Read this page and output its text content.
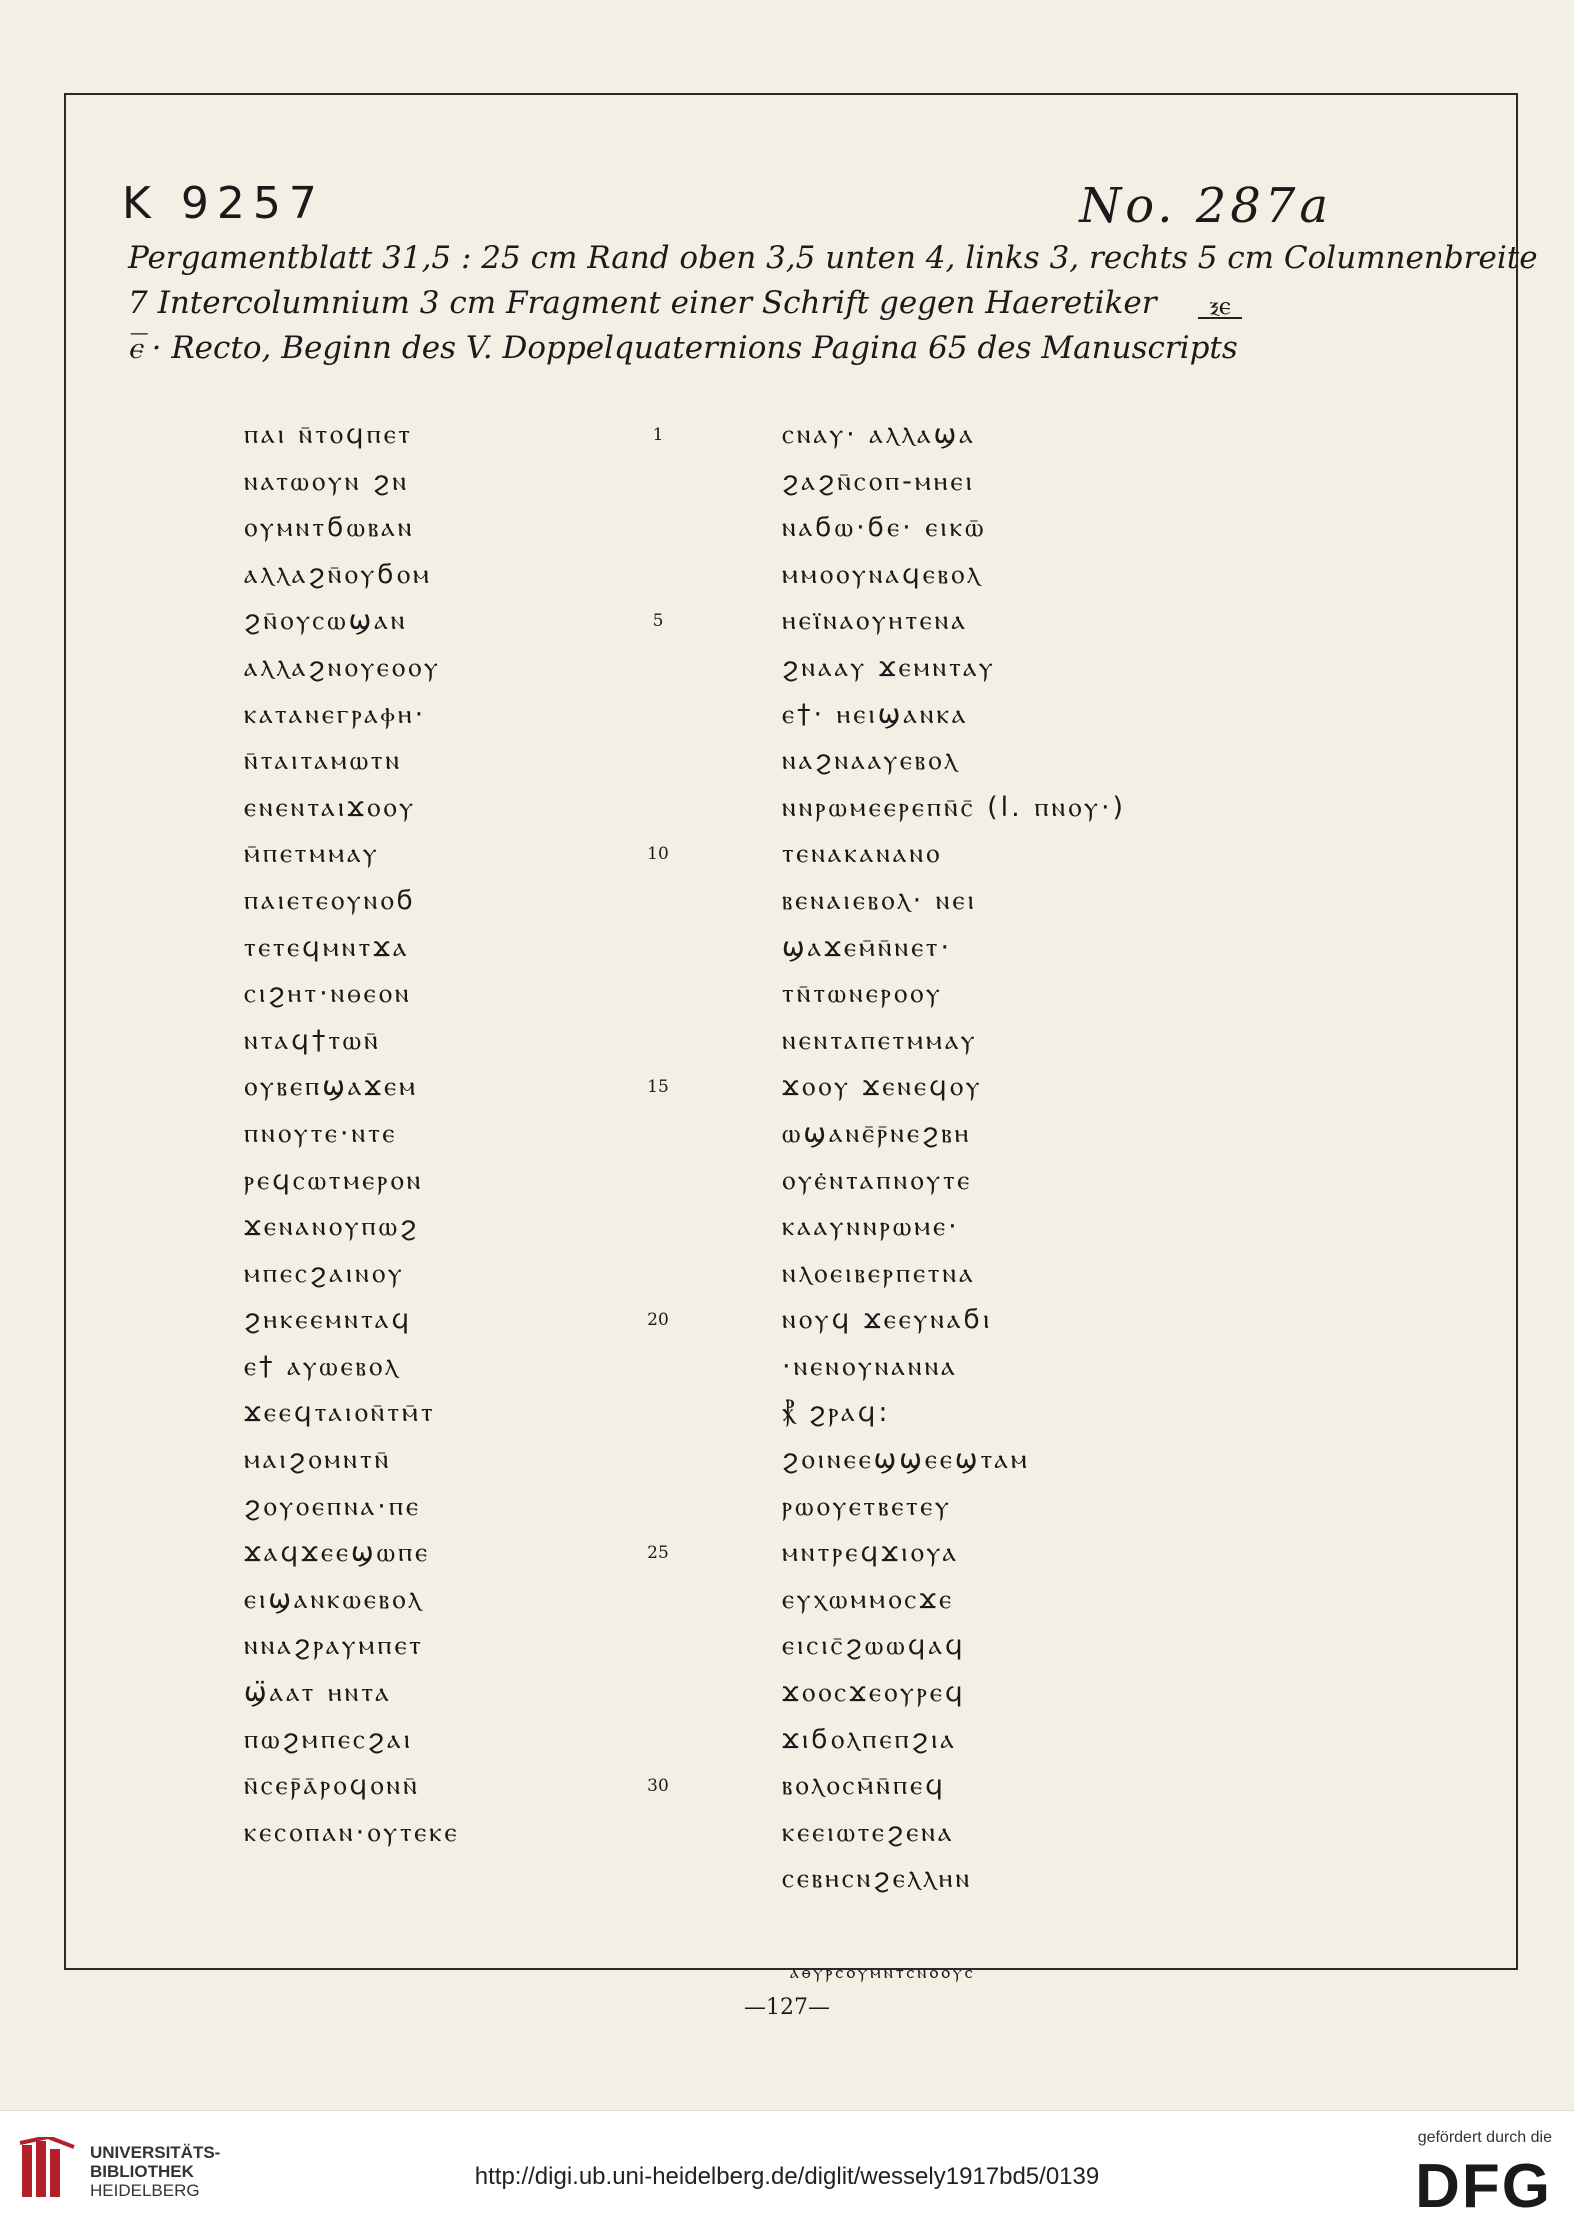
K 9257	No. 287a
Pergamentblatt 31,5 : 25 cm Rand oben 3,5 unten 4, links 3, rechts 5 cm Columnenbreite
7 Intercolumnium 3 cm Fragment einer Schrift gegen Haeretiker
ⲉ̅ · Recto, Beginn des V. Doppelquaternions Pagina 65 des Manuscripts
ⲝⲉ
ⲡⲁⲓ ⲛ̄ⲧⲟϥⲡⲉⲧ
ⲛⲁⲧⲱⲟⲩⲛ ϩⲛ
ⲟⲩⲙⲛⲧϭⲱⲃⲁⲛ
ⲁⲗⲗⲁϩⲛ̄ⲟⲩϭⲟⲙ
ϩⲛ̄ⲟⲩⲥⲱϣⲁⲛ
ⲁⲗⲗⲁϩⲛⲟⲩⲉⲟⲟⲩ
ⲕⲁⲧⲁⲛⲉⲅⲣⲁⲫⲏ·
ⲛ̄ⲧⲁⲓⲧⲁⲙⲱⲧⲛ
ⲉⲛⲉⲛⲧⲁⲓϫⲟⲟⲩ
ⲙ̄ⲡⲉⲧⲙⲙⲁⲩ
ⲡⲁⲓⲉⲧⲉⲟⲩⲛⲟϭ
ⲧⲉⲧⲉϥⲙⲛⲧϫⲁ
ⲥⲓϩⲏⲧ·ⲛⲑⲉⲟⲛ
ⲛⲧⲁϥ†ⲧⲱⲛ̄
ⲟⲩⲃⲉⲡϣⲁϫⲉⲙ
ⲡⲛⲟⲩⲧⲉ·ⲛⲧⲉ
ⲣⲉϥⲥⲱⲧⲙⲉⲣⲟⲛ
ϫⲉⲛⲁⲛⲟⲩⲡⲱϩ
ⲙⲡⲉⲥϩⲁⲓⲛⲟⲩ
ϩⲏⲕⲉⲉⲙⲛⲧⲁϥ
ⲉ† ⲁⲩⲱⲉⲃⲟⲗ
ϫⲉⲉϥⲧⲁⲓⲟⲛ̄ⲧⲙ̄ⲧ
ⲙⲁⲓϩⲟⲙⲛⲧⲛ̄
ϩⲟⲩⲟⲉⲡⲛⲁ·ⲡⲉ
ϫⲁϥϫⲉⲉϣⲱⲡⲉ
ⲉⲓϣⲁⲛⲕⲱⲉⲃⲟⲗ
ⲛⲛⲁϩⲣⲁⲩⲙⲡⲉⲧ
ϣ̈ⲁⲁⲧ ⲏⲛⲧⲁ
ⲡⲱϩⲙⲡⲉⲥϩⲁⲓ
ⲛ̄ⲥⲉⲣ̄ⲁ̄ⲣⲟϥⲟⲛⲛ̄
ⲕⲉⲥⲟⲡⲁⲛ·ⲟⲩⲧⲉⲕⲉ
1
5
10
15
20
25
30
ⲥⲛⲁⲩ· ⲁⲗⲗⲁϣⲁ
ϩⲁϩⲛ̄ⲥⲟⲡ-ⲙⲏⲉⲓ
ⲛⲁϭⲱ·ϭⲉ· ⲉⲓⲕⲱ̄
ⲙⲙⲟⲟⲩⲛⲁϥⲉⲃⲟⲗ
ⲏⲉⲓ̈ⲛⲁⲟⲩⲏⲧⲉⲛⲁ
ϩⲛⲁⲁⲩ ϫⲉⲙⲛⲧⲁⲩ
ⲉ†· ⲏⲉⲓϣⲁⲛⲕⲁ
ⲛⲁϩⲛⲁⲁⲩⲉⲃⲟⲗ
ⲛⲛⲣⲱⲙⲉⲉⲣⲉⲡⲛ̄ⲥ̄ (l. ⲡⲛⲟⲩ·)
ⲧⲉⲛⲁⲕⲁⲛⲁⲛⲟ
ⲃⲉⲛⲁⲓⲉⲃⲟⲗ· ⲛⲉⲓ
ϣⲁϫⲉⲙ̄ⲛ̄ⲛⲉⲧ·
ⲧⲛ̄ⲧⲱⲛⲉⲣⲟⲟⲩ
ⲛⲉⲛⲧⲁⲡⲉⲧⲙⲙⲁⲩ
ϫⲟⲟⲩ ϫⲉⲛⲉϥⲟⲩ
ⲱϣⲁⲛⲉ̄ⲣ̄ⲛⲉϩⲃⲏ
ⲟⲩⲉ̇ⲛⲧⲁⲡⲛⲟⲩⲧⲉ
ⲕⲁⲁⲩⲛⲛⲣⲱⲙⲉ·
ⲛⲗⲟⲉⲓⲃⲉⲣⲡⲉⲧⲛⲁ
ⲛⲟⲩϥ ϫⲉⲉⲩⲛⲁϭⲓ
·ⲛⲉⲛⲟⲩⲛⲁⲛⲛⲁ
⳩ ϩⲣⲁϥ:
ϩⲟⲓⲛⲉⲉϣϣⲉⲉϣⲧⲁⲙ
ⲣⲱⲟⲩⲉⲧⲃⲉⲧⲉⲩ
ⲙⲛⲧⲣⲉϥϫⲓⲟⲩⲁ
ⲉⲩⲭⲱⲙⲙⲟⲥϫⲉ
ⲉⲓⲥⲓⲥ̄ϩⲱⲱϥⲁϥ
ϫⲟⲟⲥϫⲉⲟⲩⲣⲉϥ
ϫⲓϭⲟⲗⲡⲉⲡϩⲓⲁ
ⲃⲟⲗⲟⲥⲙ̄ⲛ̄ⲡⲉϥ
ⲕⲉⲉⲓⲱⲧⲉϩⲉⲛⲁ
ⲥⲉⲃⲏⲥⲛϩⲉⲗⲗⲏⲛ
ⲁⲑⲩⲣⲥⲟⲩⲙⲛⲧⲥⲛⲟⲟⲩⲥ
—127—
UNIVERSITÄTS-
BIBLIOTHEK
HEIDELBERG
http://digi.ub.uni-heidelberg.de/diglit/wessely1917bd5/0139
gefördert durch die
DFG
